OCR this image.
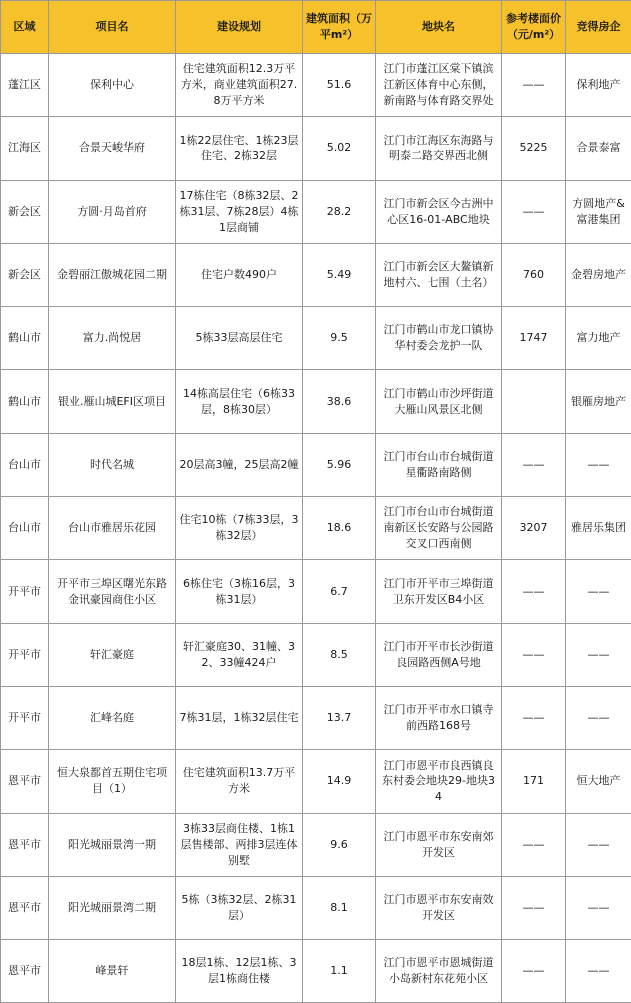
区域	项目名	建设规划	建筑面积（万平m²）	地块名	参考楼面价（元/m²）	竞得房企
蓬江区	保利中心	住宅建筑面积12.3万平方米，商业建筑面积27.8万平方米	51.6	江门市蓬江区棠下镇滨江新区体育中心东侧，新南路与体育路交界处	——	保利地产
江海区	合景天峻华府	1栋22层住宅、1栋23层住宅、2栋32层	5.02	江门市江海区东海路与明泰二路交界西北侧	5225	合景泰富
新会区	方圆·月岛首府	17栋住宅（8栋32层、2栋31层、7栋28层）4栋1层商铺	28.2	江门市新会区今古洲中心区16-01-ABC地块	——	方圆地产&富港集团
新会区	金碧丽江傲城花园二期	住宅户数490户	5.49	江门市新会区大鳌镇新地村六、七围（土名）	760	金碧房地产
鹤山市	富力.尚悦居	5栋33层高层住宅	9.5	江门市鹤山市龙口镇协华村委会龙护一队	1747	富力地产
鹤山市	银业.雁山城EFI区项目	14栋高层住宅（6栋33层，8栋30层）	38.6	江门市鹤山市沙坪街道大雁山风景区北侧		银雁房地产
台山市	时代名城	20层高3幢，25层高2幢	5.96	江门市台山市台城街道星衢路南路侧	——	——
台山市	台山市雅居乐花园	住宅10栋（7栋33层，3栋32层）	18.6	江门市台山市台城街道南新区长安路与公园路交叉口西南侧	3207	雅居乐集团
开平市	开平市三埠区曙光东路金讯豪园商住小区	6栋住宅（3栋16层，3栋31层）	6.7	江门市开平市三埠街道卫东开发区B4小区	——	——
开平市	轩汇豪庭	轩汇豪庭30、31幢、32、33幢424户	8.5	江门市开平市长沙街道良园路西侧A号地	——	——
开平市	汇峰名庭	7栋31层，1栋32层住宅	13.7	江门市开平市水口镇寺前西路168号	——	——
恩平市	恒大泉都首五期住宅项目（1）	住宅建筑面积13.7万平方米	14.9	江门市恩平市良西镇良东村委会地块29-地块34	171	恒大地产
恩平市	阳光城丽景湾一期	3栋33层商住楼、1栋1层售楼部、两排3层连体别墅	9.6	江门市恩平市东安南郊开发区	——	——
恩平市	阳光城丽景湾二期	5栋（3栋32层、2栋31层）	8.1	江门市恩平市东安南效开发区	——	——
恩平市	峰景轩	18层1栋、12层1栋、3层1栋商住楼	1.1	江门市恩平市恩城街道小岛新村东花苑小区	——	——
